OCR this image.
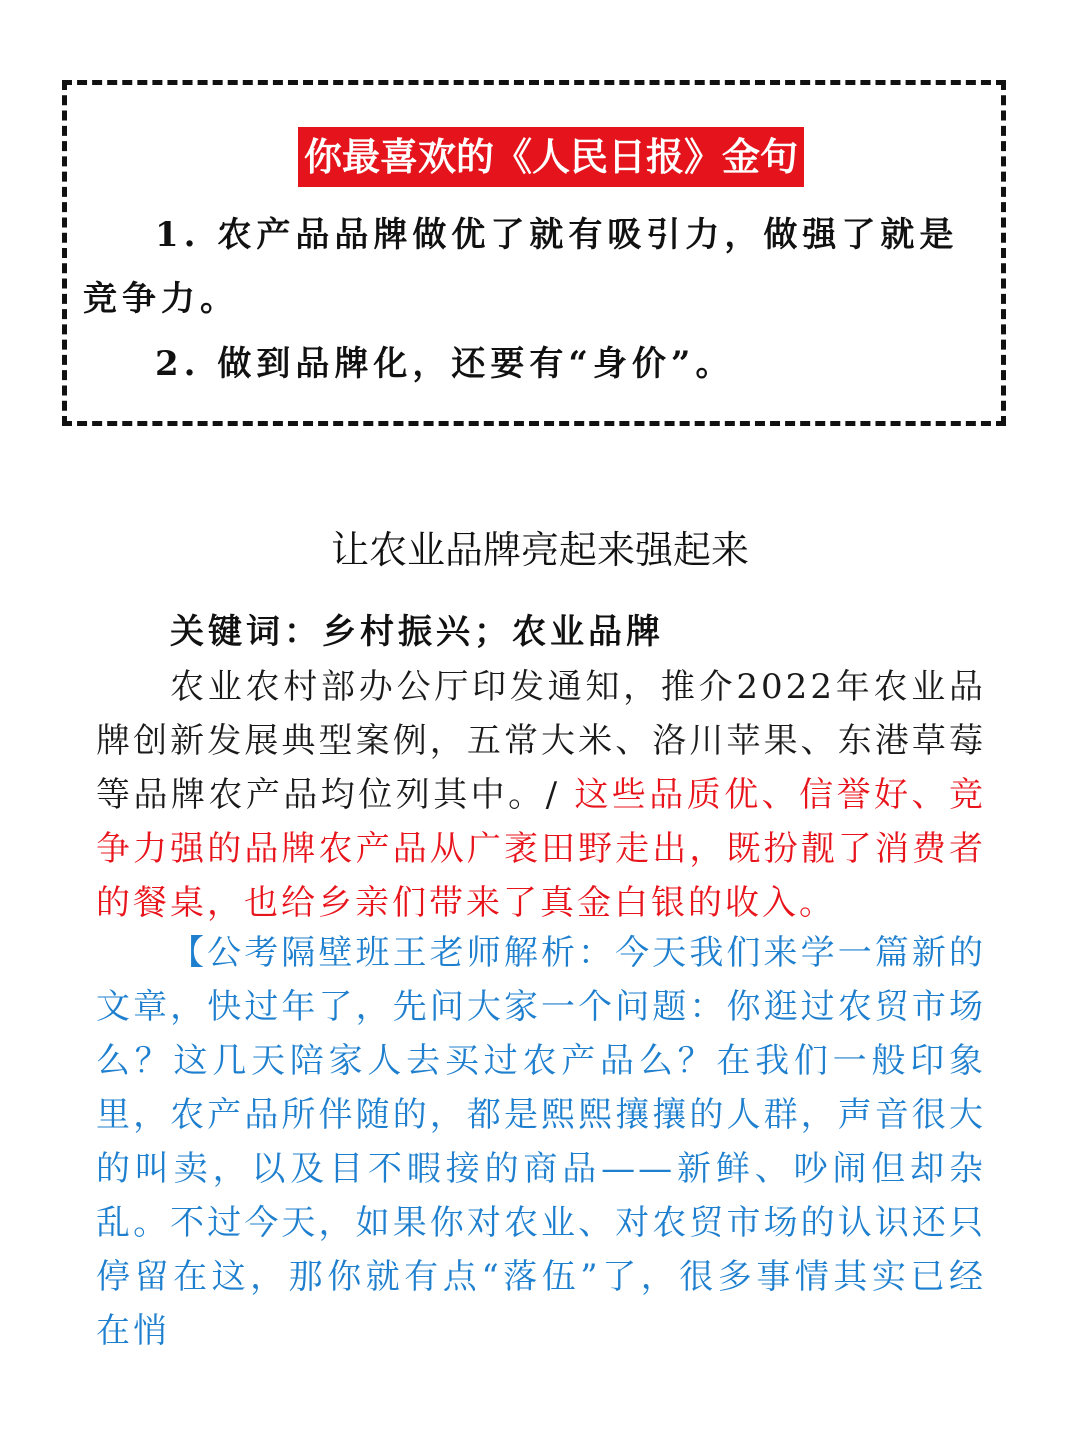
你最喜欢的《人民日报》金句
1. 农产品品牌做优了就有吸引力，做强了就是竞争力。
2. 做到品牌化，还要有“身价”。
让农业品牌亮起来强起来
关键词：乡村振兴；农业品牌
农业农村部办公厅印发通知，推介2022年农业品牌创新发展典型案例，五常大米、洛川苹果、东港草莓等品牌农产品均位列其中。/ 这些品质优、信誉好、竞争力强的品牌农产品从广袤田野走出，既扮靓了消费者的餐桌，也给乡亲们带来了真金白银的收入。
【公考隔壁班王老师解析：今天我们来学一篇新的文章，快过年了，先问大家一个问题：你逛过农贸市场么？这几天陪家人去买过农产品么？在我们一般印象里，农产品所伴随的，都是熙熙攘攘的人群，声音很大的叫卖，以及目不暇接的商品——新鲜、吵闹但却杂乱。不过今天，如果你对农业、对农贸市场的认识还只停留在这，那你就有点“落伍”了，很多事情其实已经在悄
